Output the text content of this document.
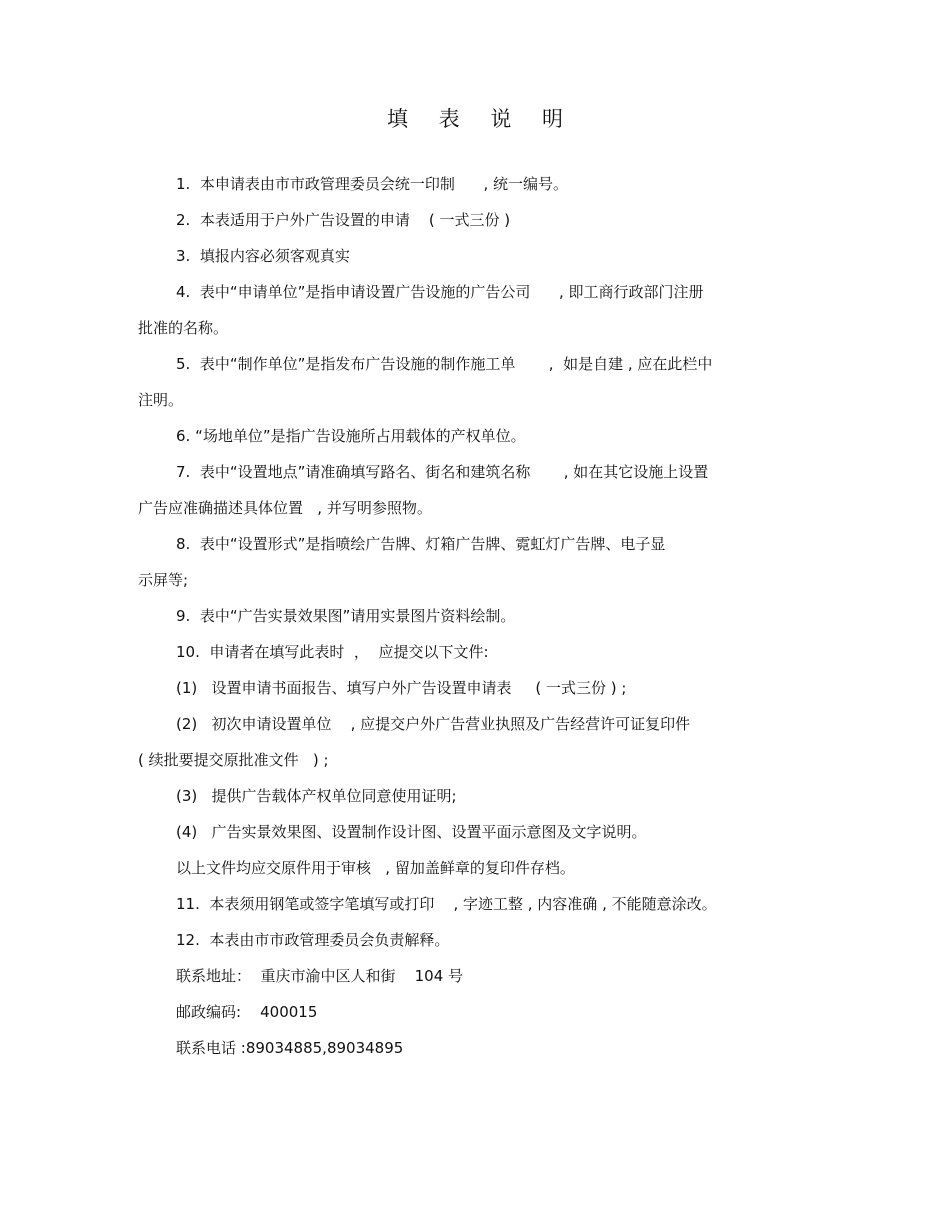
填 表 说 明

1.  本申请表由市市政管理委员会统一印制      , 统一编号。

2.  本表适用于户外广告设置的申请    ( 一式三份 )

3.  填报内容必须客观真实

4.  表中“申请单位”是指申请设置广告设施的广告公司      , 即工商行政部门注册

批准的名称。

5.  表中“制作单位”是指发布广告设施的制作施工单       ,  如是自建 , 应在此栏中

注明。

6. “场地单位”是指广告设施所占用载体的产权单位。

7.  表中“设置地点”请准确填写路名、街名和建筑名称       , 如在其它设施上设置

广告应准确描述具体位置   , 并写明参照物。

8.  表中“设置形式”是指喷绘广告牌、灯箱广告牌、霓虹灯广告牌、电子显

示屏等;

9.  表中“广告实景效果图”请用实景图片资料绘制。

10.  申请者在填写此表时  ，  应提交以下文件:

(1)   设置申请书面报告、填写户外广告设置申请表     ( 一式三份 ) ;

(2)   初次申请设置单位    , 应提交户外广告营业执照及广告经营许可证复印件

( 续批要提交原批准文件   ) ;

(3)   提供广告载体产权单位同意使用证明;

(4)   广告实景效果图、设置制作设计图、设置平面示意图及文字说明。

以上文件均应交原件用于审核   , 留加盖鲜章的复印件存档。

11.  本表须用钢笔或签字笔填写或打印    , 字迹工整 , 内容准确 , 不能随意涂改。

12.  本表由市市政管理委员会负责解释。

联系地址：  重庆市渝中区人和街    104 号

邮政编码:    400015

联系电话 :89034885,89034895
